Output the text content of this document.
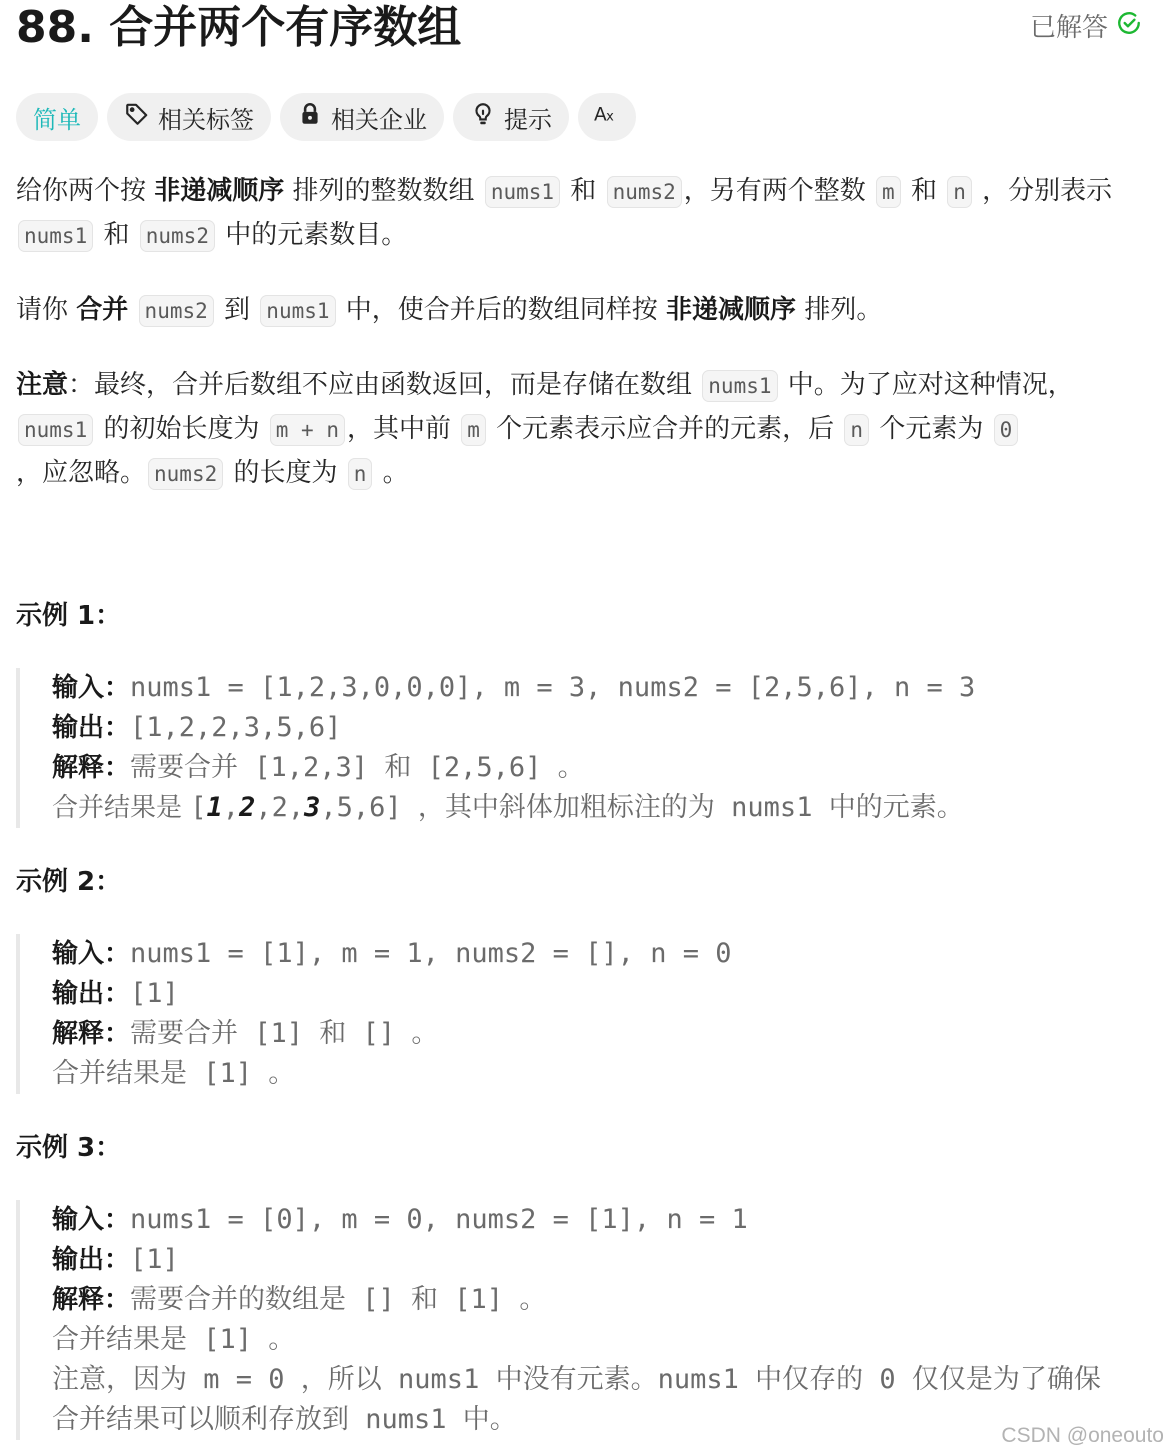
88. 合并两个有序数组	已解答
简单	相关标签	相关企业	提示 A x

给你两个按 非递减顺序 排列的整数数组 nums1 和 nums2 ，另有两个整数 m 和 n ，分别表示 nums1 和 nums2 中的元素数目。

请你 合并 nums2 到 nums1 中，使合并后的数组同样按 非递减顺序 排列。

注意：最终，合并后数组不应由函数返回，而是存储在数组 nums1 中。为了应对这种情况，nums1 的初始长度为 m + n ，其中前 m 个元素表示应合并的元素，后 n 个元素为 0
，应忽略。 nums2 的长度为 n 。

示例 1：
输入：nums1 = [1,2,3,0,0,0], m = 3, nums2 = [2,5,6], n = 3
输出：[1,2,2,3,5,6]
解释：需要合并 [1,2,3] 和 [2,5,6] 。
合并结果是 [1,2,2,3,5,6] ，其中斜体加粗标注的为 nums1 中的元素。
示例 2：
输入：nums1 = [1], m = 1, nums2 = [], n = 0
输出：[1]
解释：需要合并 [1] 和 [] 。
合并结果是 [1] 。
示例 3：
输入：nums1 = [0], m = 0, nums2 = [1], n = 1
输出：[1]
解释：需要合并的数组是 [] 和 [1] 。
合并结果是 [1] 。
注意，因为 m = 0 ，所以 nums1 中没有元素。nums1 中仅存的 0 仅仅是为了确保
合并结果可以顺利存放到 nums1 中。
CSDN @oneouto
